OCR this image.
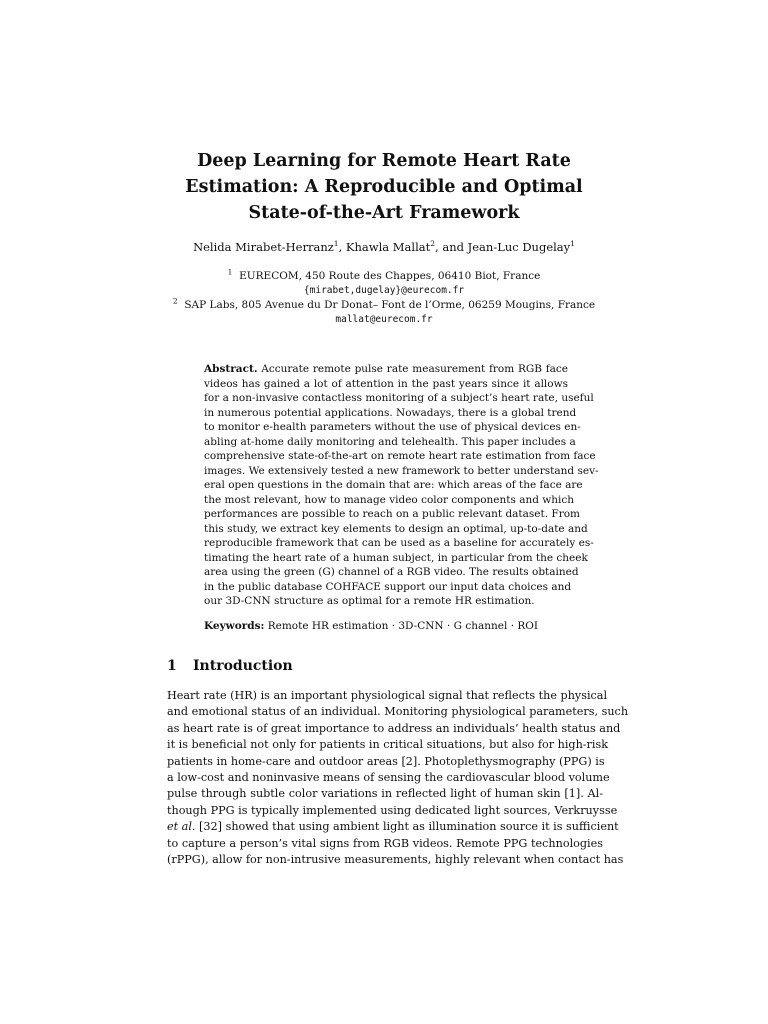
Deep Learning for Remote Heart Rate
Estimation: A Reproducible and Optimal
State-of-the-Art Framework
Nelida Mirabet-Herranz$^1$, Khawla Mallat$^2$, and Jean-Luc Dugelay$^1$
$^1$ EURECOM, 450 Route des Chappes, 06410 Biot, France
{mirabet,dugelay}@eurecom.fr
$^2$ SAP Labs, 805 Avenue du Dr Donat– Font de l’Orme, 06259 Mougins, France
mallat@eurecom.fr
Abstract. Accurate remote pulse rate measurement from RGB face
videos has gained a lot of attention in the past years since it allows
for a non-invasive contactless monitoring of a subject’s heart rate, useful
in numerous potential applications. Nowadays, there is a global trend
to monitor e-health parameters without the use of physical devices en-
abling at-home daily monitoring and telehealth. This paper includes a
comprehensive state-of-the-art on remote heart rate estimation from face
images. We extensively tested a new framework to better understand sev-
eral open questions in the domain that are: which areas of the face are
the most relevant, how to manage video color components and which
performances are possible to reach on a public relevant dataset. From
this study, we extract key elements to design an optimal, up-to-date and
reproducible framework that can be used as a baseline for accurately es-
timating the heart rate of a human subject, in particular from the cheek
area using the green (G) channel of a RGB video. The results obtained
in the public database COHFACE support our input data choices and
our 3D-CNN structure as optimal for a remote HR estimation.
Keywords: Remote HR estimation · 3D-CNN · G channel · ROI
1 Introduction
Heart rate (HR) is an important physiological signal that reflects the physical
and emotional status of an individual. Monitoring physiological parameters, such
as heart rate is of great importance to address an individuals’ health status and
it is beneficial not only for patients in critical situations, but also for high-risk
patients in home-care and outdoor areas [2]. Photoplethysmography (PPG) is
a low-cost and noninvasive means of sensing the cardiovascular blood volume
pulse through subtle color variations in reflected light of human skin [1]. Al-
though PPG is typically implemented using dedicated light sources, Verkruysse
et al. [32] showed that using ambient light as illumination source it is sufficient
to capture a person’s vital signs from RGB videos. Remote PPG technologies
(rPPG), allow for non-intrusive measurements, highly relevant when contact has
